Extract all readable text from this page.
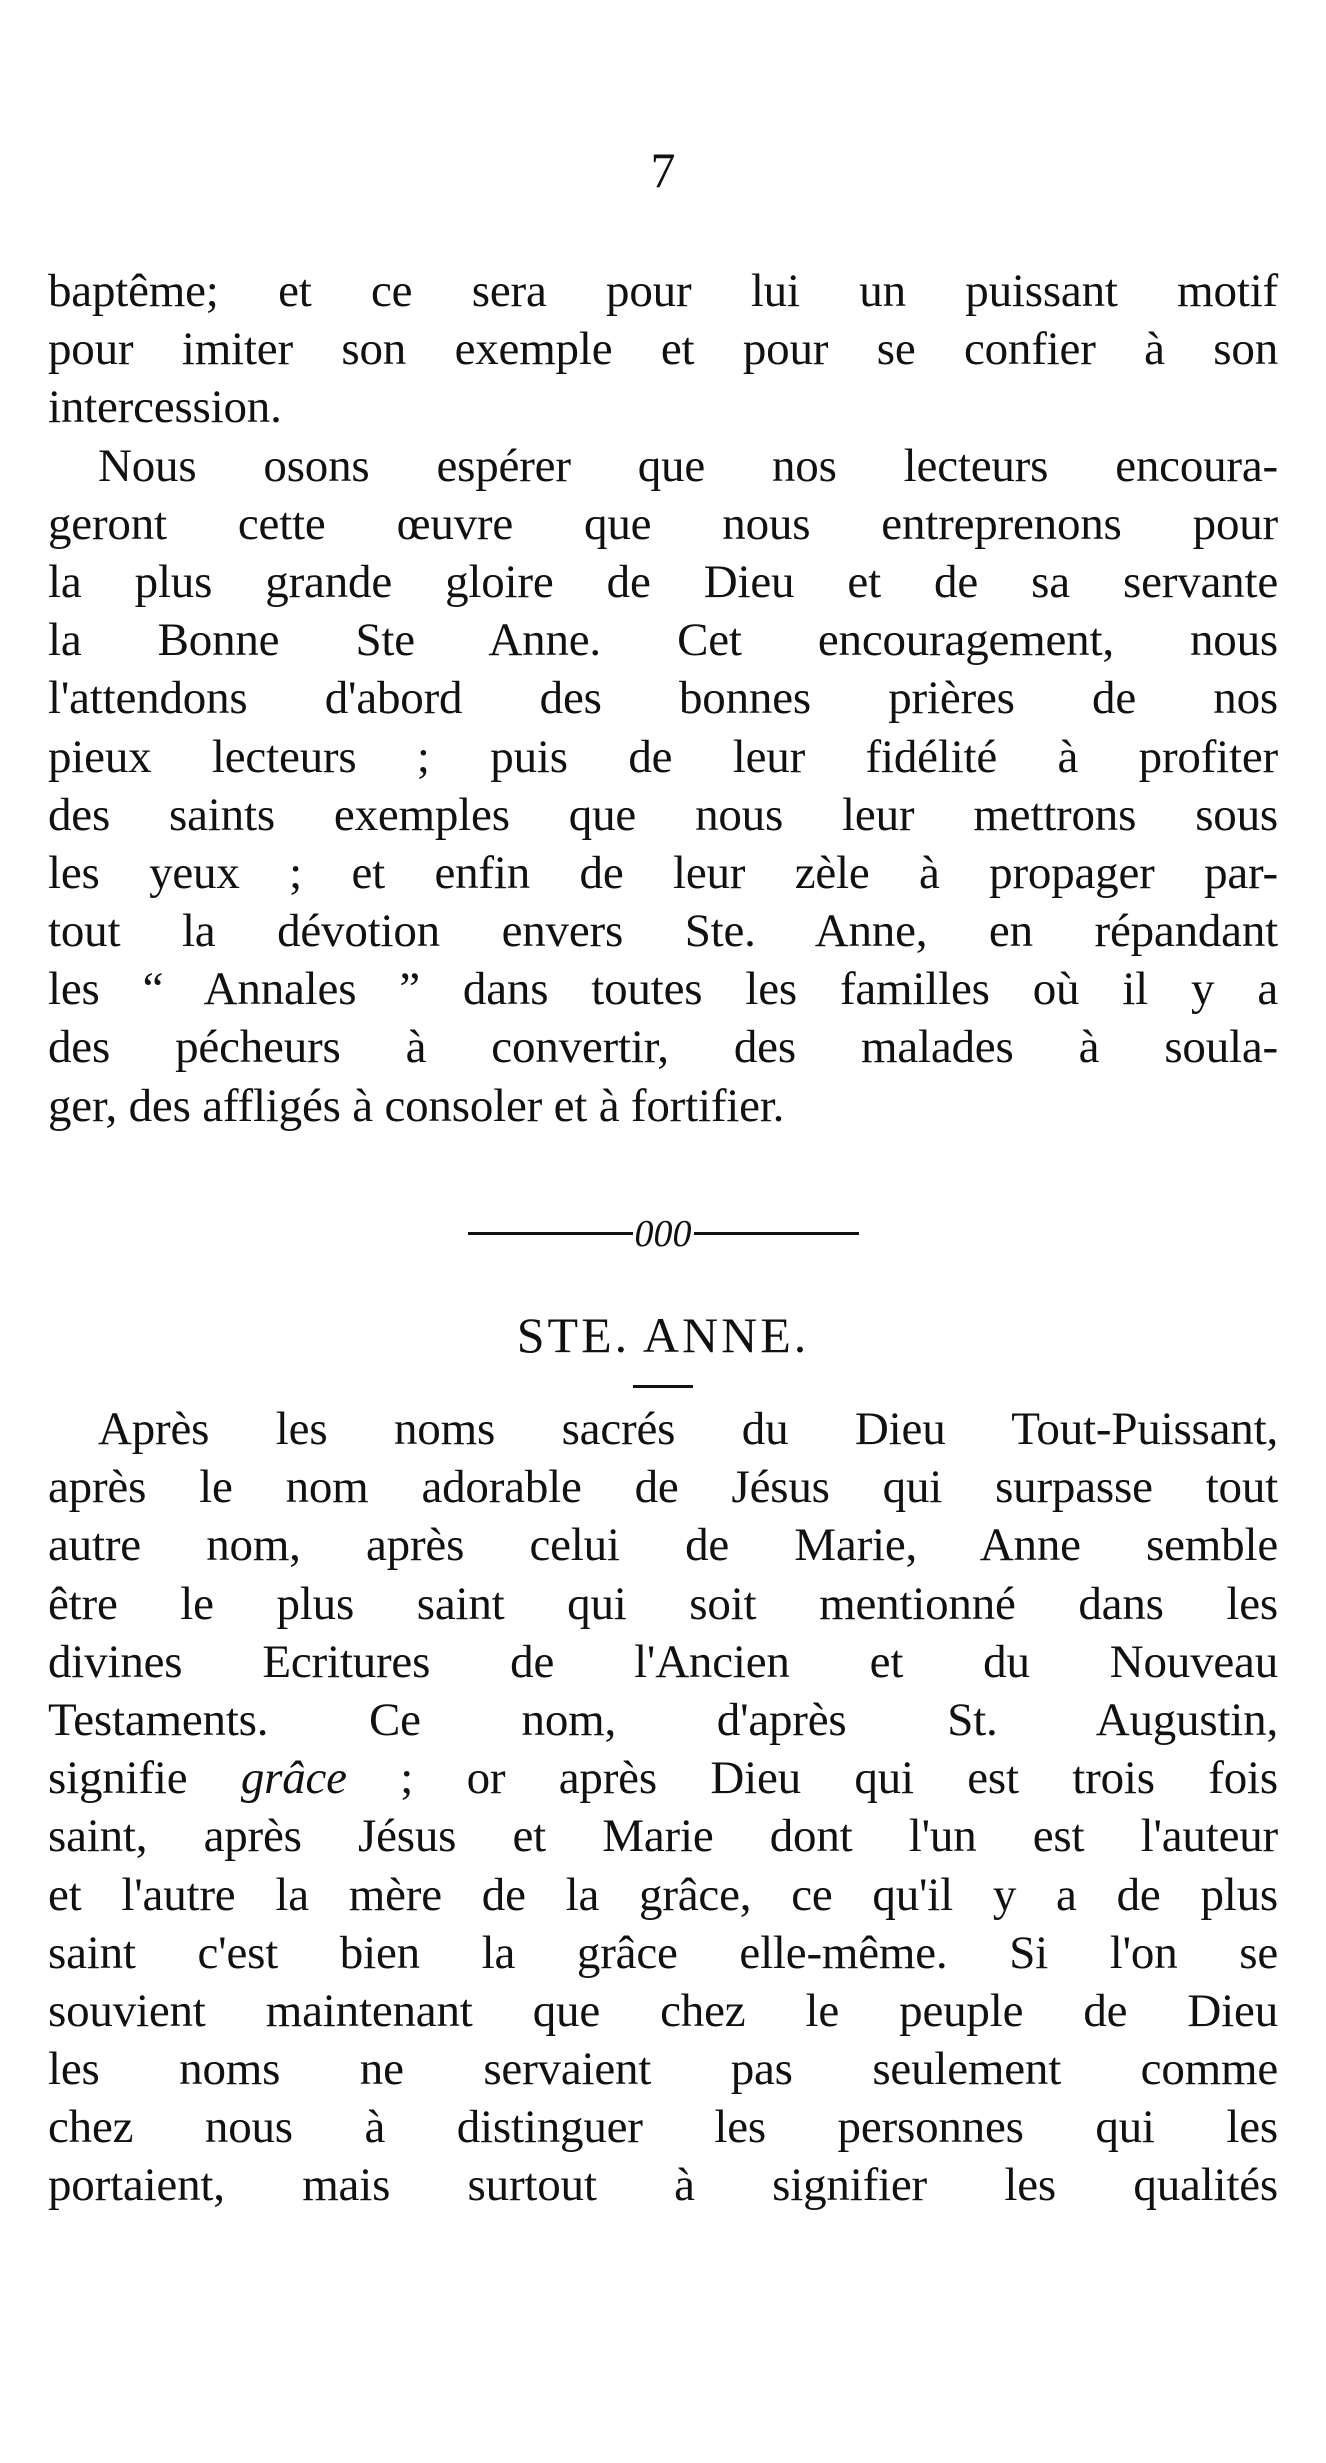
7
baptême; et ce sera pour lui un puissant motif
pour imiter son exemple et pour se confier à son
intercession.
Nous osons espérer que nos lecteurs encoura-
geront cette œuvre que nous entreprenons pour
la plus grande gloire de Dieu et de sa servante
la Bonne Ste Anne. Cet encouragement, nous
l'attendons d'abord des bonnes prières de nos
pieux lecteurs ; puis de leur fidélité à profiter
des saints exemples que nous leur mettrons sous
les yeux ; et enfin de leur zèle à propager par-
tout la dévotion envers Ste. Anne, en répandant
les “ Annales ” dans toutes les familles où il y a
des pécheurs à convertir, des malades à soula-
ger, des affligés à consoler et à fortifier.
000
STE. ANNE.
Après les noms sacrés du Dieu Tout-Puissant,
après le nom adorable de Jésus qui surpasse tout
autre nom, après celui de Marie, Anne semble
être le plus saint qui soit mentionné dans les
divines Ecritures de l'Ancien et du Nouveau
Testaments. Ce nom, d'après St. Augustin,
signifie grâce ; or après Dieu qui est trois fois
saint, après Jésus et Marie dont l'un est l'auteur
et l'autre la mère de la grâce, ce qu'il y a de plus
saint c'est bien la grâce elle-même. Si l'on se
souvient maintenant que chez le peuple de Dieu
les noms ne servaient pas seulement comme
chez nous à distinguer les personnes qui les
portaient, mais surtout à signifier les qualités
